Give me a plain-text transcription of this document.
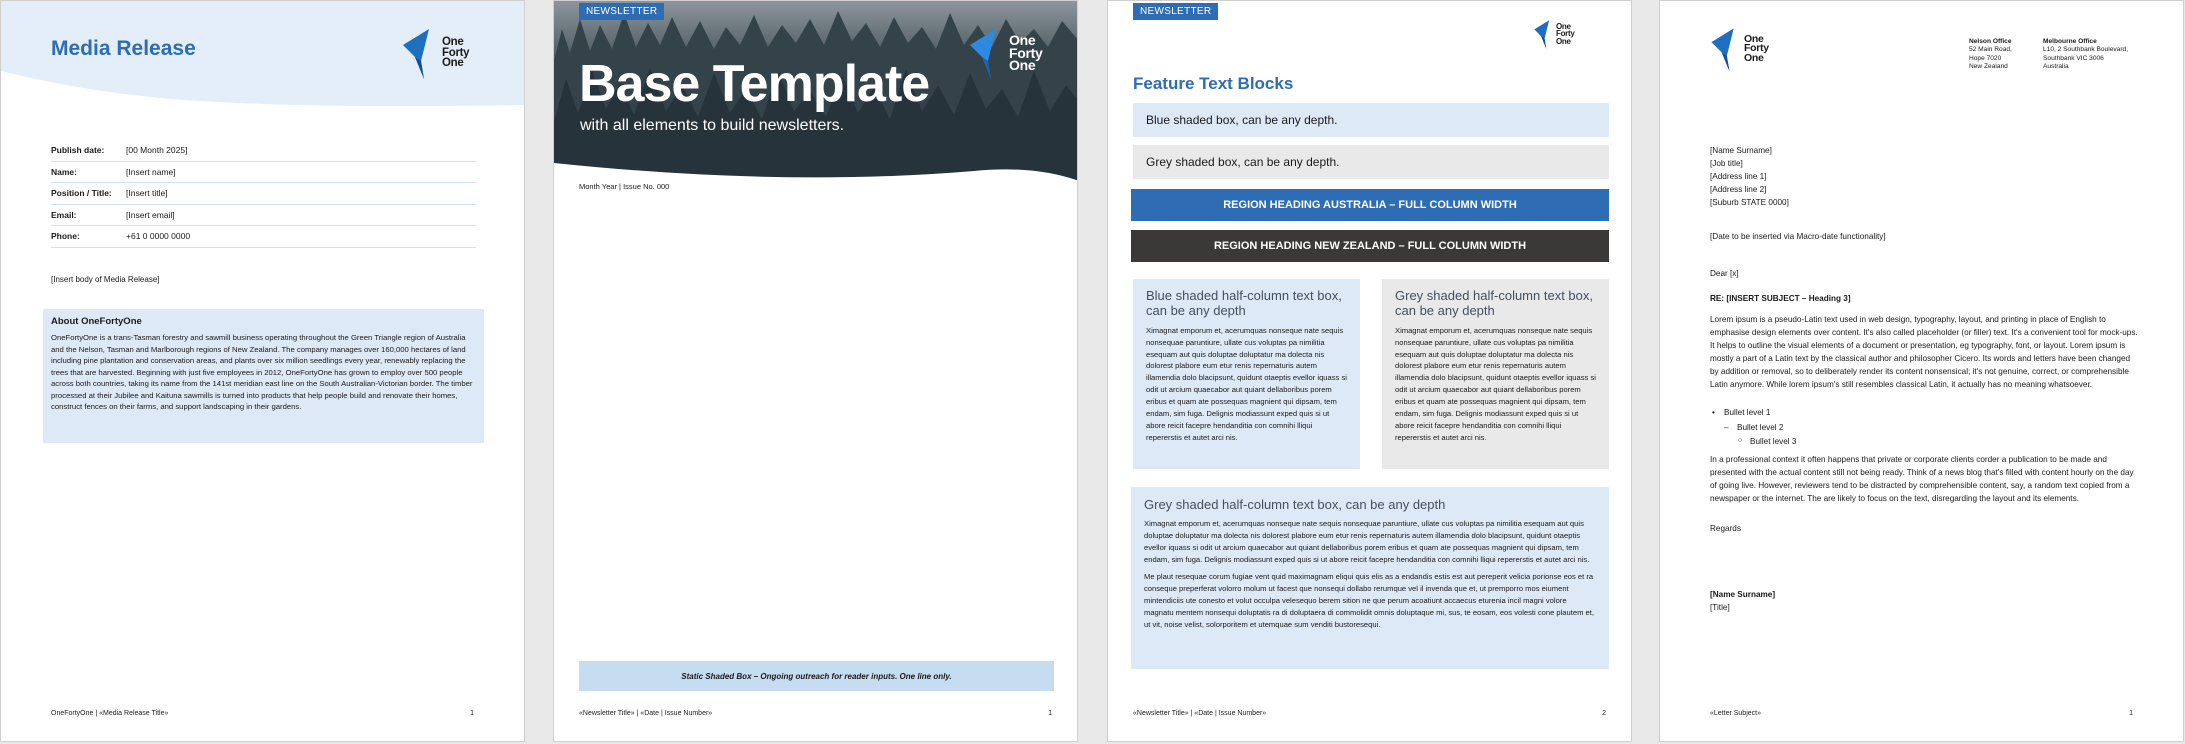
Media Release	One
Forty
One
Publish date:	[00 Month 2025]
Name:	[Insert name]
Position / Title:	[Insert title]
Email:	[Insert email]
Phone:	+61 0 0000 0000
[Insert body of Media Release]
About OneFortyOne

OneFortyOne is a trans-Tasman forestry and sawmill business operating throughout the Green Triangle region of Australia and the Nelson, Tasman and Marlborough regions of New Zealand. The company manages over 160,000 hectares of land including pine plantation and conservation areas, and plants over six million seedlings every year, renewably replacing the trees that are harvested. Beginning with just five employees in 2012, OneFortyOne has grown to employ over 500 people across both countries, taking its name from the 141st meridian east line on the South Australian-Victorian border. The timber processed at their Jubilee and Kaituna sawmills is turned into products that help people build and renovate their homes, construct fences on their farms, and support landscaping in their gardens.

OneFortyOne | «Media Release Title»	1
NEWSLETTER
Base Template
with all elements to build newsletters.
One
Forty
One
Month Year | Issue No. 000
Static Shaded Box – Ongoing outreach for reader inputs. One line only.
«Newsletter Title» | «Date | Issue Number»	1
NEWSLETTER
One
Forty
One
Feature Text Blocks
Blue shaded box, can be any depth.
Grey shaded box, can be any depth.
REGION HEADING AUSTRALIA – FULL COLUMN WIDTH
REGION HEADING NEW ZEALAND – FULL COLUMN WIDTH
Blue shaded half-column text box, can be any depth

Ximagnat emporum et, acerumquas nonseque nate sequis nonsequae paruntiure, ullate cus voluptas pa nimilitia esequam aut quis doluptae doluptatur ma dolecta nis dolorest plabore eum etur renis repernaturis autem illamendia dolo blacipsunt, quidunt otaeptis evellor iquass si odit ut arcium quaecabor aut quiant dellaboribus porem eribus et quam ate possequas magnient qui dipsam, tem endam, sim fuga. Delignis modiassunt exped quis si ut abore reicit facepre hendanditia con comnihi lliqui repererstis et autet arci nis.

Grey shaded half-column text box, can be any depth

Ximagnat emporum et, acerumquas nonseque nate sequis nonsequae paruntiure, ullate cus voluptas pa nimilitia esequam aut quis doluptae doluptatur ma dolecta nis dolorest plabore eum etur renis repernaturis autem illamendia dolo blacipsunt, quidunt otaeptis evellor iquass si odit ut arcium quaecabor aut quiant dellaboribus porem eribus et quam ate possequas magnient qui dipsam, tem endam, sim fuga. Delignis modiassunt exped quis si ut abore reicit facepre hendanditia con comnihi lliqui repererstis et autet arci nis.

Grey shaded half-column text box, can be any depth

Ximagnat emporum et, acerumquas nonseque nate sequis nonsequae paruntiure, ullate cus voluptas pa nimilitia esequam aut quis doluptae doluptatur ma dolecta nis dolorest plabore eum etur renis repernaturis autem illamendia dolo blacipsunt, quidunt otaeptis evellor iquass si odit ut arcium quaecabor aut quiant dellaboribus porem eribus et quam ate possequas magnient qui dipsam, tem endam, sim fuga. Delignis modiassunt exped quis si ut abore reicit facepre hendanditia con comnihi lliqui repererstis et autet arci nis.

Me plaut resequae corum fugiae vent quid maximagnam eliqui quis elis as a endandis estis est aut pereperit velicia porionse eos et ra conseque preperferat volorro molum ut facest que nonsequi dollabo rerumque vel il invenda que et, ut premporro mos eiument mintendiciis ute conesto et volut occulpa velesequo berem sition ne que perum acoatiunt accaecus eturenia incil magni volore magnatu mentem nonsequi doluptatis ra di doluptaera di commolidit omnis doluptaque mi, sus, te eosam, eos volesti cone plautem et, ut vit, noise velist, solorporitem et utemquae sum venditi bustoresequi.

«Newsletter Title» | «Date | Issue Number»	2
One
Forty
One
Nelson Office
52 Main Road,
Hope 7020
New Zealand
Melbourne Office
L10, 2 Southbank Boulevard,
Southbank VIC 3006
Australia
[Name Surname]
[Job title]
[Address line 1]
[Address line 2]
[Suburb STATE 0000]
[Date to be inserted via Macro-date functionality]
Dear [x]
RE: [INSERT SUBJECT – Heading 3]
Lorem ipsum is a pseudo-Latin text used in web design, typography, layout, and printing in place of English to emphasise design elements over content. It's also called placeholder (or filler) text. It's a convenient tool for mock-ups. It helps to outline the visual elements of a document or presentation, eg typography, font, or layout. Lorem ipsum is mostly a part of a Latin text by the classical author and philosopher Cicero. Its words and letters have been changed by addition or removal, so to deliberately render its content nonsensical; it's not genuine, correct, or comprehensible Latin anymore. While lorem ipsum's still resembles classical Latin, it actually has no meaning whatsoever.
• Bullet level 1
– Bullet level 2
○ Bullet level 3
In a professional context it often happens that private or corporate clients corder a publication to be made and presented with the actual content still not being ready. Think of a news blog that's filled with content hourly on the day of going live. However, reviewers tend to be distracted by comprehensible content, say, a random text copied from a newspaper or the internet. The are likely to focus on the text, disregarding the layout and its elements.
Regards
[Name Surname]
[Title]
«Letter Subject»	1
